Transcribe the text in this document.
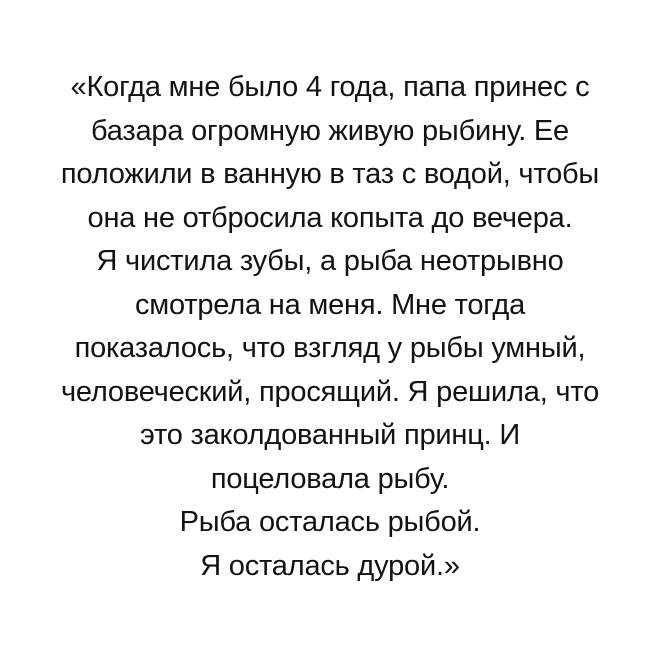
«Когда мне было 4 года, папа принес с
базара огромную живую рыбину. Ее
положили в ванную в таз с водой, чтобы
она не отбросила копыта до вечера.
Я чистила зубы, а рыба неотрывно
смотрела на меня. Мне тогда
показалось, что взгляд у рыбы умный,
человеческий, просящий. Я решила, что
это заколдованный принц. И
поцеловала рыбу.
Рыба осталась рыбой.
Я осталась дурой.»
